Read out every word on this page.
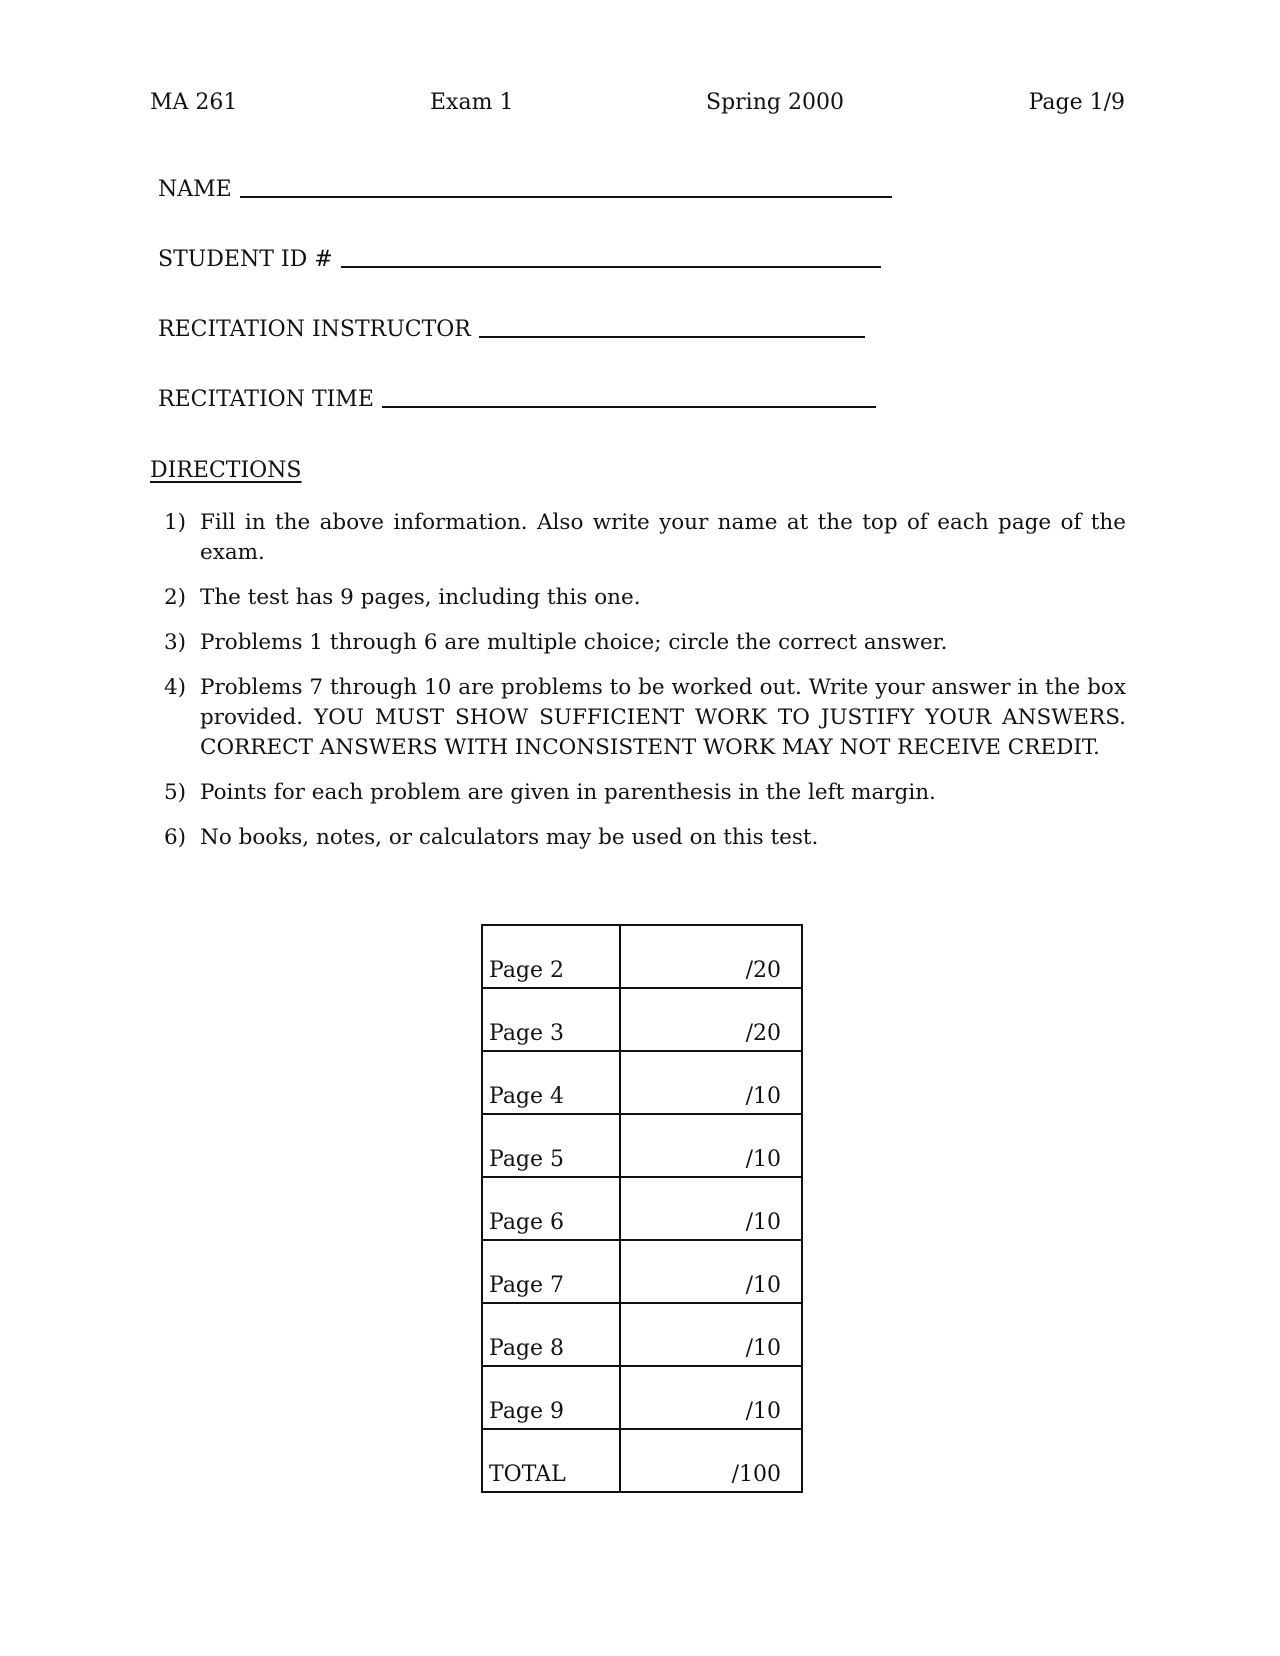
MA 261	Exam 1	Spring 2000	Page 1/9
NAME
STUDENT ID #
RECITATION INSTRUCTOR
RECITATION TIME
DIRECTIONS
1) Fill in the above information. Also write your name at the top of each page of the exam.
2) The test has 9 pages, including this one.
3) Problems 1 through 6 are multiple choice; circle the correct answer.
4) Problems 7 through 10 are problems to be worked out. Write your answer in the box provided. YOU MUST SHOW SUFFICIENT WORK TO JUSTIFY YOUR ANSWERS. CORRECT ANSWERS WITH INCONSISTENT WORK MAY NOT RECEIVE CREDIT.
5) Points for each problem are given in parenthesis in the left margin.
6) No books, notes, or calculators may be used on this test.
Page 2	/20
Page 3	/20
Page 4	/10
Page 5	/10
Page 6	/10
Page 7	/10
Page 8	/10
Page 9	/10
TOTAL	/100
